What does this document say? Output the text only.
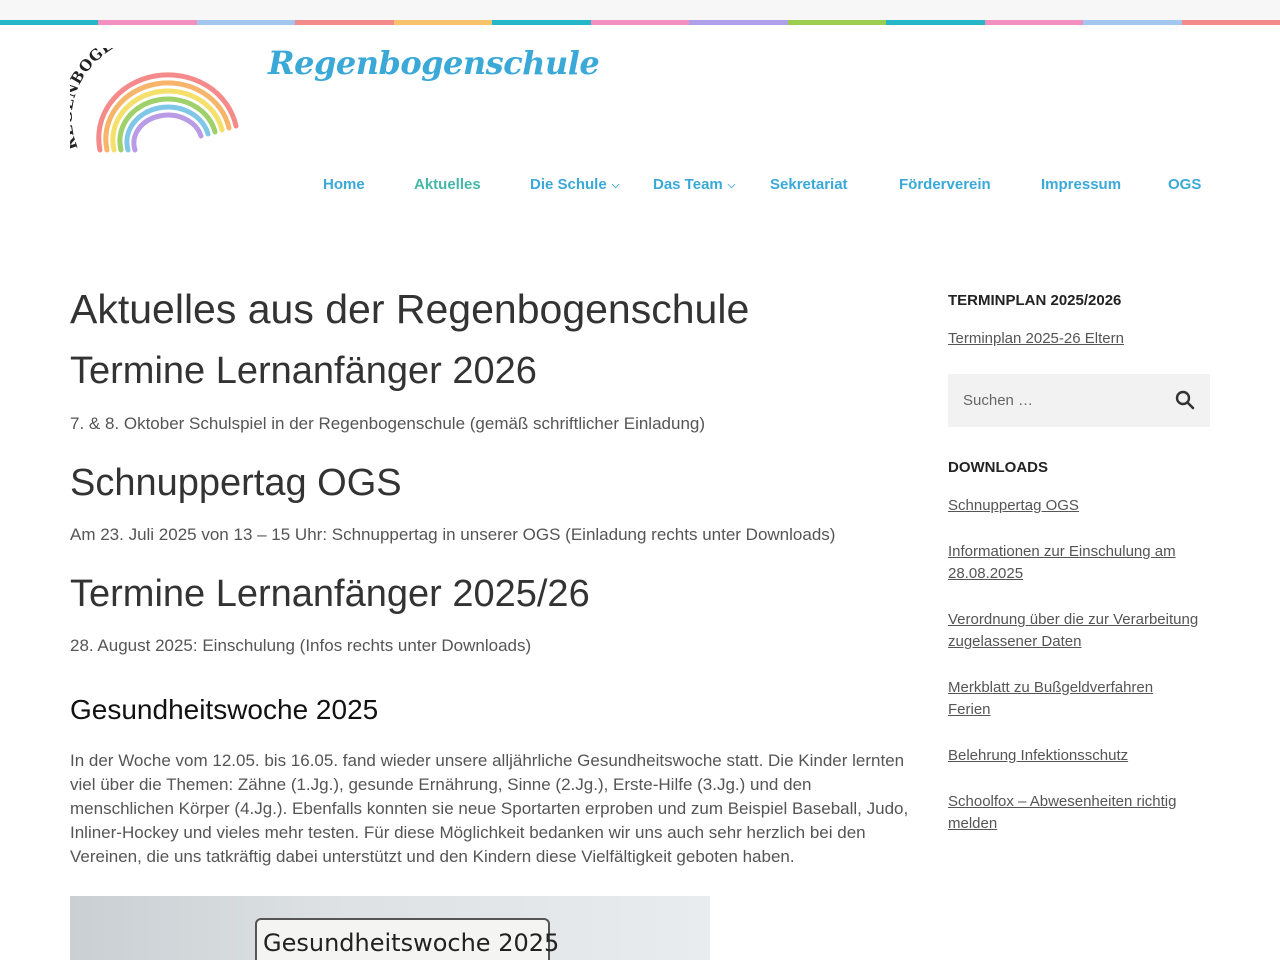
OG	Regenbogenschule
Home	Aktuelles	Die Schule ⌵ Das Team ⌵ Sekretariat	Förderverein	Impressum	OGS
Aktuelles aus der Regenbogenschule
Termine Lernanfänger 2026

7. & 8. Oktober Schulspiel in der Regenbogenschule (gemäß schriftlicher Einladung)

Schnuppertag OGS

Am 23. Juli 2025 von 13 – 15 Uhr: Schnuppertag in unserer OGS (Einladung rechts unter Downloads)

Termine Lernanfänger 2025/26

28. August 2025: Einschulung (Infos rechts unter Downloads)

Gesundheitswoche 2025

In der Woche vom 12.05. bis 16.05. fand wieder unsere alljährliche Gesundheitswoche statt. Die Kinder lernten viel über die Themen: Zähne (1.Jg.), gesunde Ernährung, Sinne (2.Jg.), Erste-Hilfe (3.Jg.) und den menschlichen Körper (4.Jg.). Ebenfalls konnten sie neue Sportarten erproben und zum Beispiel Baseball, Judo, Inliner-Hockey und vieles mehr testen. Für diese Möglichkeit bedanken wir uns auch sehr herzlich bei den Vereinen, die uns tatkräftig dabei unterstützt und den Kindern diese Vielfältigkeit geboten haben.

Gesundheitswoche 2025
TERMINPLAN 2025/2026
Terminplan 2025-26 Eltern
Suchen …
DOWNLOADS
Schnuppertag OGS
Informationen zur Einschulung am 28.08.2025
Verordnung über die zur Verarbeitung zugelassener Daten
Merkblatt zu Bußgeldverfahren Ferien
Belehrung Infektionsschutz
Schoolfox – Abwesenheiten richtig melden
